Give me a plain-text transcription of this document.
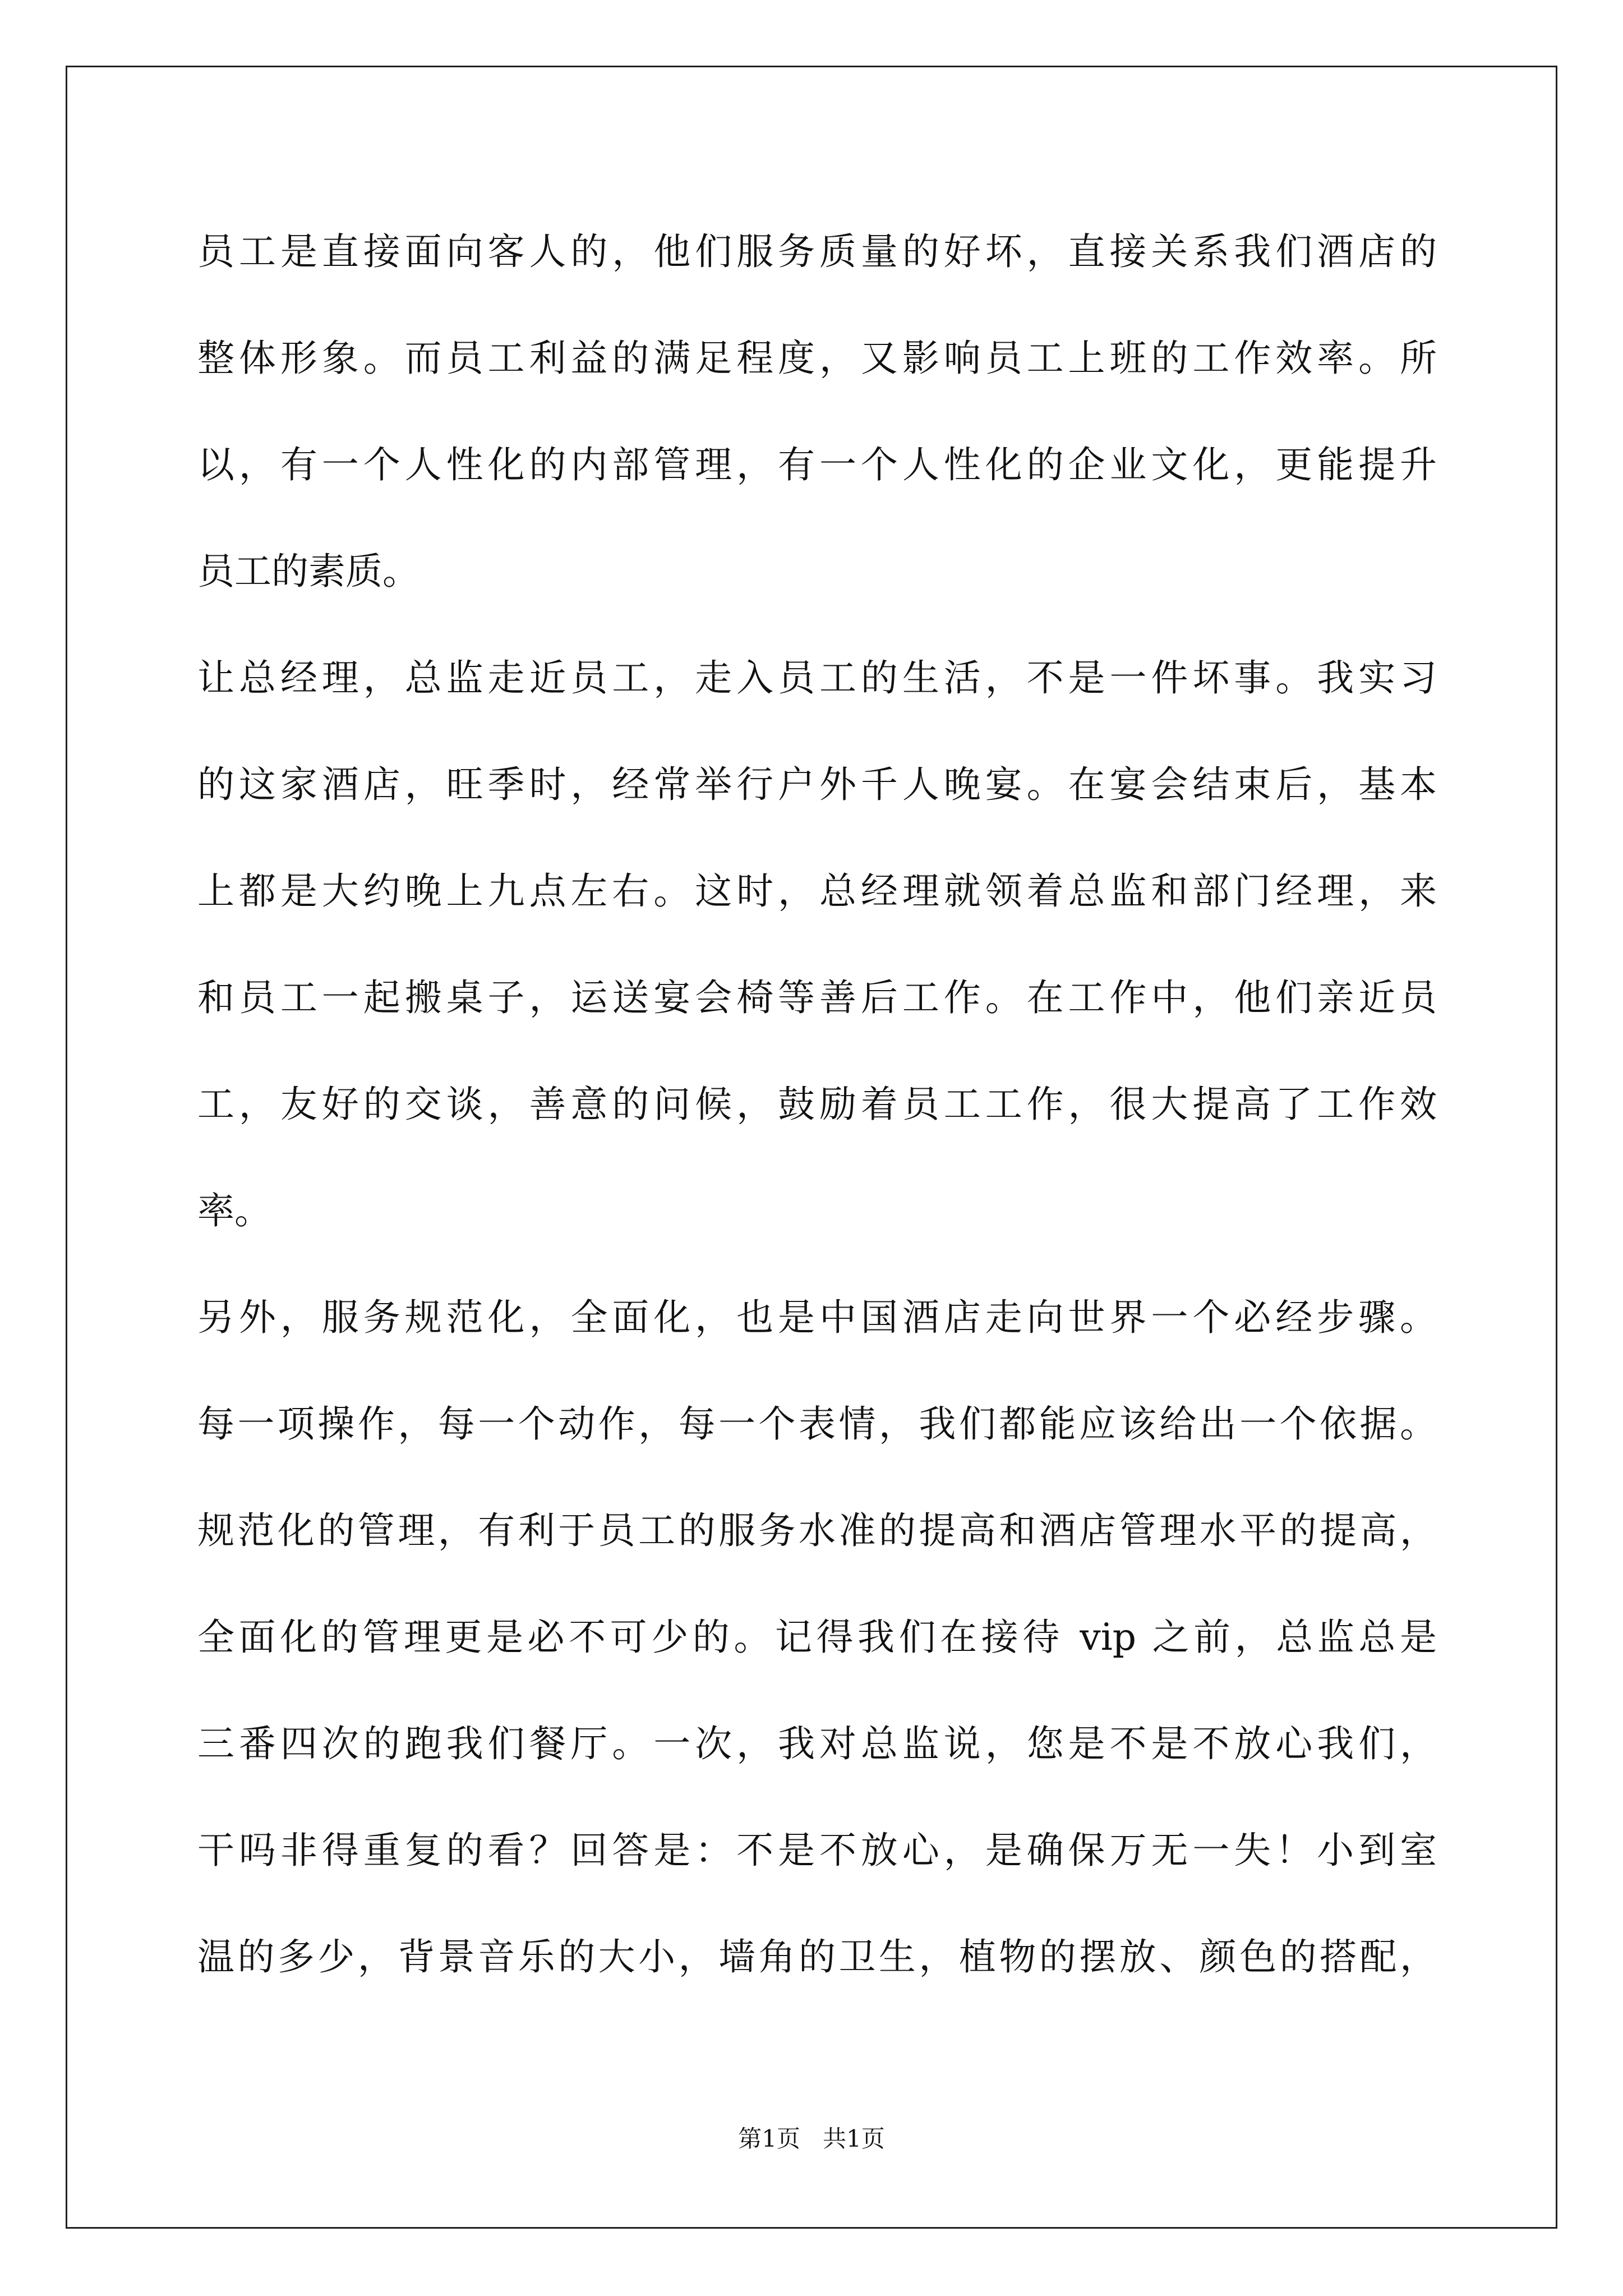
员工是直接面向客人的，他们服务质量的好坏，直接关系我们酒店的
整体形象。而员工利益的满足程度，又影响员工上班的工作效率。所
以，有一个人性化的内部管理，有一个人性化的企业文化，更能提升
员工的素质。
让总经理，总监走近员工，走入员工的生活，不是一件坏事。我实习
的这家酒店，旺季时，经常举行户外千人晚宴。在宴会结束后，基本
上都是大约晚上九点左右。这时，总经理就领着总监和部门经理，来
和员工一起搬桌子，运送宴会椅等善后工作。在工作中，他们亲近员
工，友好的交谈，善意的问候，鼓励着员工工作，很大提高了工作效
率。
另外，服务规范化，全面化，也是中国酒店走向世界一个必经步骤。
每一项操作，每一个动作，每一个表情，我们都能应该给出一个依据。
规范化的管理，有利于员工的服务水准的提高和酒店管理水平的提高，
全面化的管理更是必不可少的。记得我们在接待 vip 之前，总监总是
三番四次的跑我们餐厅。一次，我对总监说，您是不是不放心我们，
干吗非得重复的看？回答是：不是不放心，是确保万无一失！小到室
温的多少，背景音乐的大小，墙角的卫生，植物的摆放、颜色的搭配，
第1页   共1页
